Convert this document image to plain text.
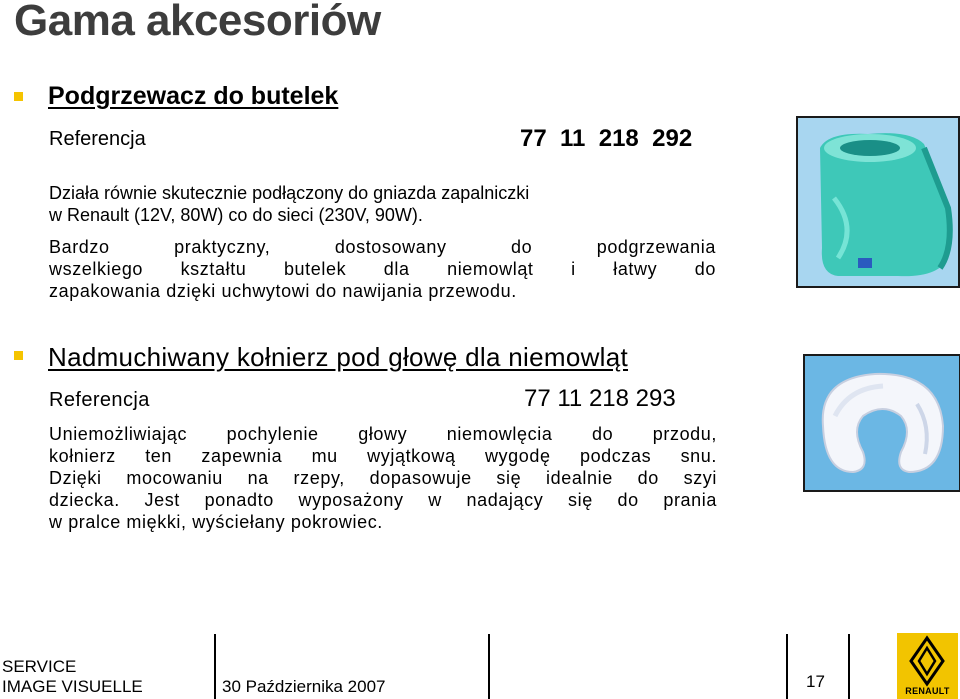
Gama akcesoriów
Podgrzewacz do butelek
Referencja	77  11  218  292

Działa równie skutecznie podłączony do gniazda zapalniczki
w Renault (12V, 80W) co do sieci (230V, 90W).

Bardzo praktyczny, dostosowany do podgrzewania
wszelkiego kształtu butelek dla niemowląt i łatwy do
zapakowania dzięki uchwytowi do nawijania przewodu.

Nadmuchiwany kołnierz pod głowę dla niemowląt
Referencja	77 11 218 293

Uniemożliwiając pochylenie głowy niemowlęcia do przodu,
kołnierz ten zapewnia mu wyjątkową wygodę podczas snu.
Dzięki mocowaniu na rzepy, dopasowuje się idealnie do szyi
dziecka. Jest ponadto wyposażony w nadający się do prania
w pralce miękki, wyściełany pokrowiec.

SERVICE
IMAGE VISUELLE	30 Października 2007	17	RENAULT
